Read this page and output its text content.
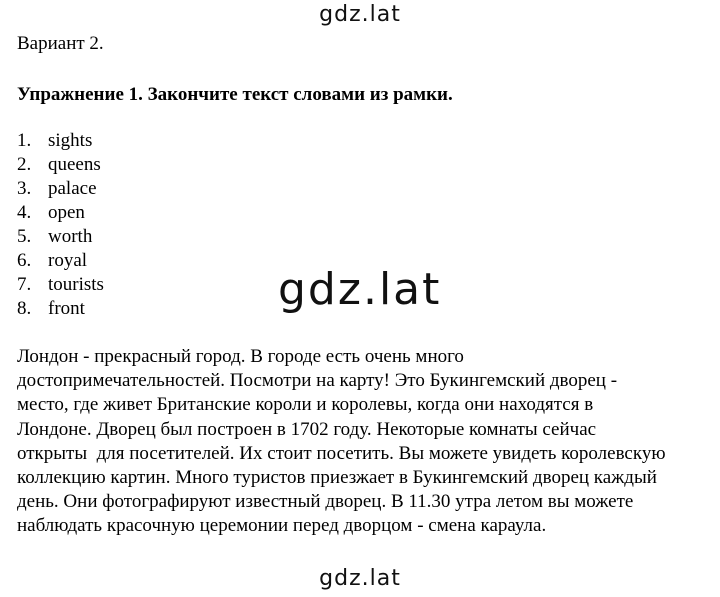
gdz.lat
Вариант 2.
Упражнение 1. Закончите текст словами из рамки.
1. sights
2. queens
3. palace
4. open
5. worth
6. royal
7. tourists
8. front	gdz.lat
Лондон - прекрасный город. В городе есть очень много
достопримечательностей. Посмотри на карту! Это Букингемский дворец -
место, где живет Британские короли и королевы, когда они находятся в
Лондоне. Дворец был построен в 1702 году. Некоторые комнаты сейчас
открыты  для посетителей. Их стоит посетить. Вы можете увидеть королевскую
коллекцию картин. Много туристов приезжает в Букингемский дворец каждый
день. Они фотографируют известный дворец. В 11.30 утра летом вы можете
наблюдать красочную церемонии перед дворцом - смена караула.
gdz.lat
